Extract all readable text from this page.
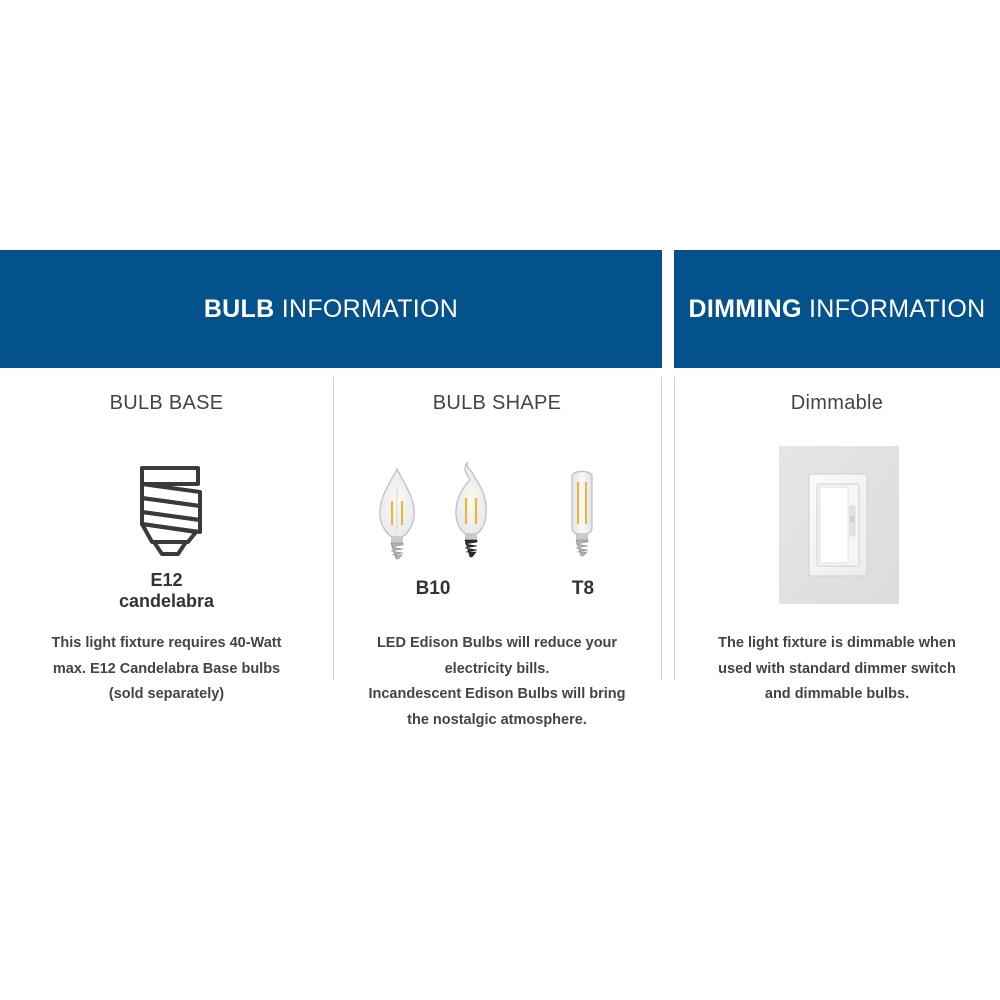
BULB
INFORMATION	DIMMING
INFORMATION
BULB BASE
E12
candelabra
This light fixture requires 40-Watt
max. E12 Candelabra Base bulbs
(sold separately)
BULB SHAPE
B10	T8
LED Edison Bulbs will reduce your
electricity bills.
Incandescent Edison Bulbs will bring
the nostalgic atmosphere.
Dimmable
The light fixture is dimmable when
used with standard dimmer switch
and dimmable bulbs.
